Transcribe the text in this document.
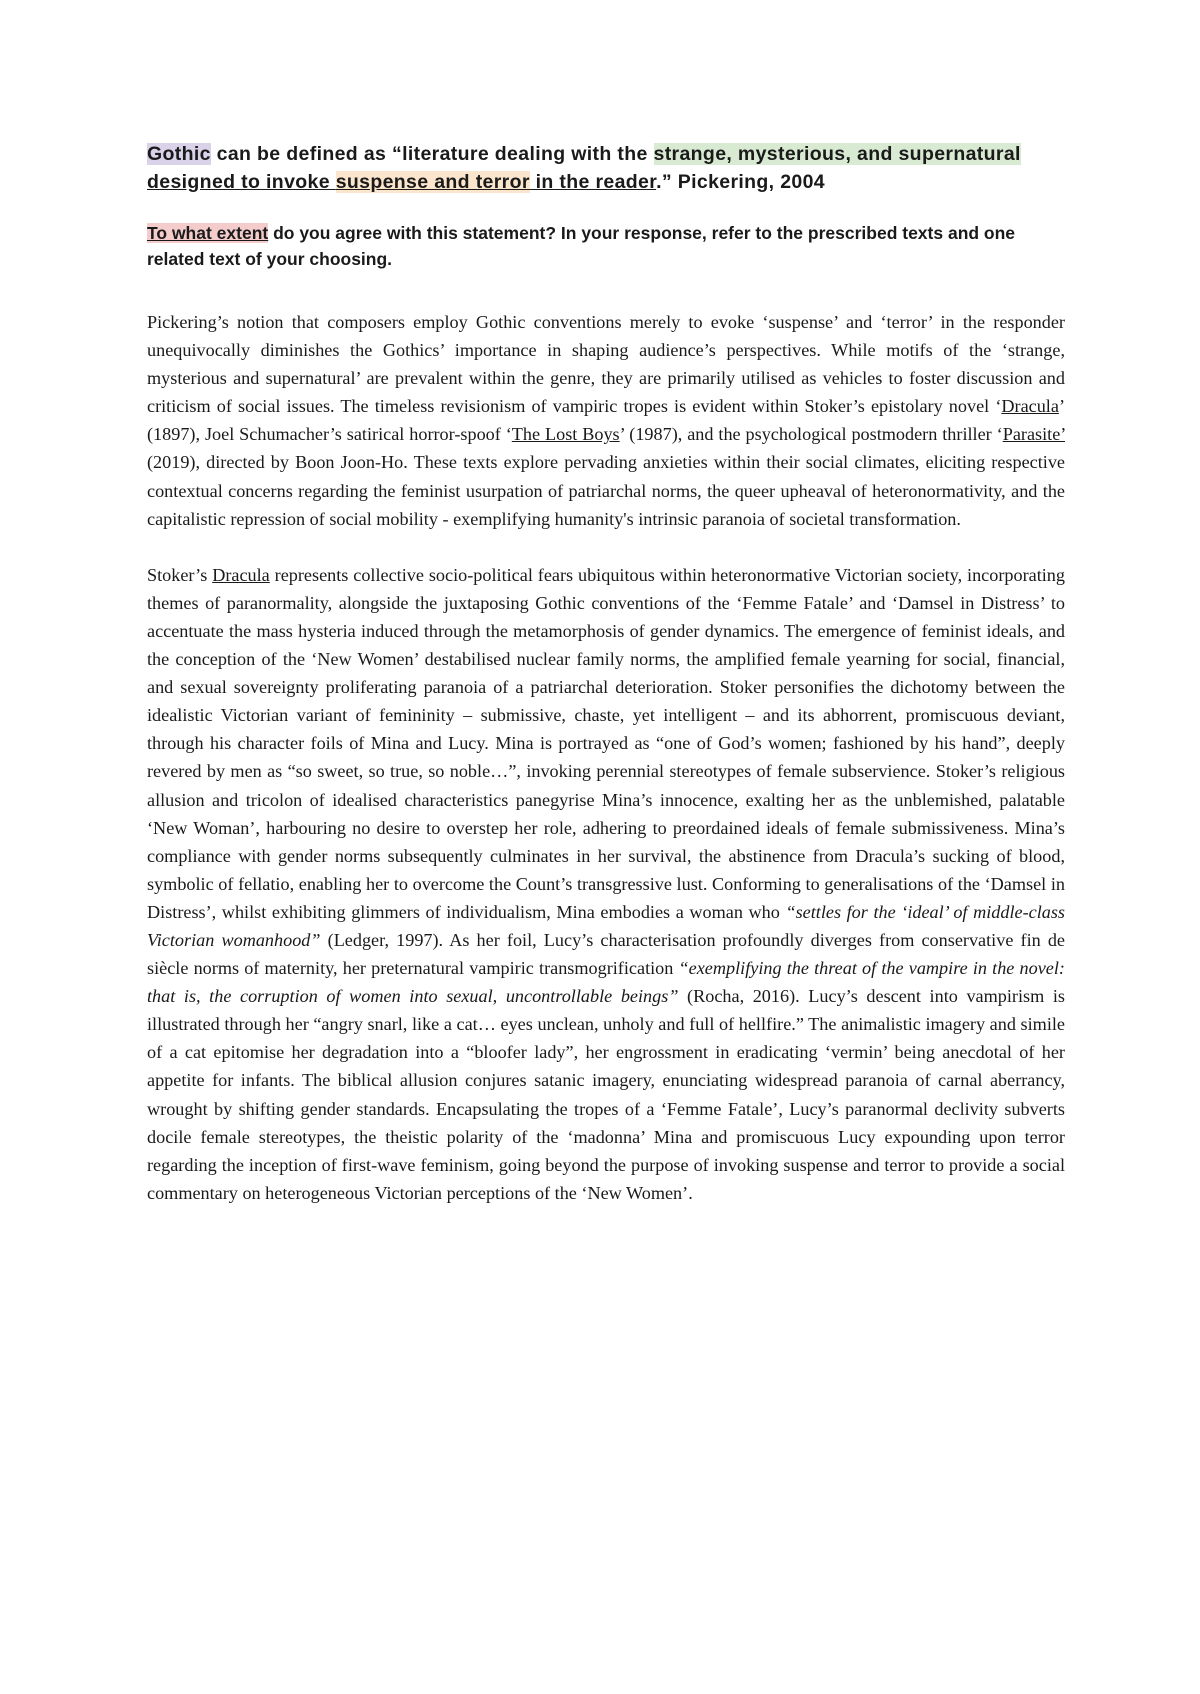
Gothic can be defined as “literature dealing with the strange, mysterious, and supernatural designed to invoke suspense and terror in the reader.” Pickering, 2004

To what extent do you agree with this statement? In your response, refer to the prescribed texts and one related text of your choosing.

Pickering’s notion that composers employ Gothic conventions merely to evoke ‘suspense’ and ‘terror’ in the responder unequivocally diminishes the Gothics’ importance in shaping audience’s perspectives. While motifs of the ‘strange, mysterious and supernatural’ are prevalent within the genre, they are primarily utilised as vehicles to foster discussion and criticism of social issues. The timeless revisionism of vampiric tropes is evident within Stoker’s epistolary novel ‘Dracula’ (1897), Joel Schumacher’s satirical horror-spoof ‘The Lost Boys’ (1987), and the psychological postmodern thriller ‘Parasite’ (2019), directed by Boon Joon-Ho. These texts explore pervading anxieties within their social climates, eliciting respective contextual concerns regarding the feminist usurpation of patriarchal norms, the queer upheaval of heteronormativity, and the capitalistic repression of social mobility - exemplifying humanity's intrinsic paranoia of societal transformation.

Stoker’s Dracula represents collective socio-political fears ubiquitous within heteronormative Victorian society, incorporating themes of paranormality, alongside the juxtaposing Gothic conventions of the ‘Femme Fatale’ and ‘Damsel in Distress’ to accentuate the mass hysteria induced through the metamorphosis of gender dynamics. The emergence of feminist ideals, and the conception of the ‘New Women’ destabilised nuclear family norms, the amplified female yearning for social, financial, and sexual sovereignty proliferating paranoia of a patriarchal deterioration. Stoker personifies the dichotomy between the idealistic Victorian variant of femininity – submissive, chaste, yet intelligent – and its abhorrent, promiscuous deviant, through his character foils of Mina and Lucy. Mina is portrayed as “one of God’s women; fashioned by his hand”, deeply revered by men as “so sweet, so true, so noble…”, invoking perennial stereotypes of female subservience. Stoker’s religious allusion and tricolon of idealised characteristics panegyrise Mina’s innocence, exalting her as the unblemished, palatable ‘New Woman’, harbouring no desire to overstep her role, adhering to preordained ideals of female submissiveness. Mina’s compliance with gender norms subsequently culminates in her survival, the abstinence from Dracula’s sucking of blood, symbolic of fellatio, enabling her to overcome the Count’s transgressive lust. Conforming to generalisations of the ‘Damsel in Distress’, whilst exhibiting glimmers of individualism, Mina embodies a woman who “settles for the ‘ideal’ of middle-class Victorian womanhood” (Ledger, 1997). As her foil, Lucy’s characterisation profoundly diverges from conservative fin de siècle norms of maternity, her preternatural vampiric transmogrification “exemplifying the threat of the vampire in the novel: that is, the corruption of women into sexual, uncontrollable beings” (Rocha, 2016). Lucy’s descent into vampirism is illustrated through her “angry snarl, like a cat… eyes unclean, unholy and full of hellfire.” The animalistic imagery and simile of a cat epitomise her degradation into a “bloofer lady”, her engrossment in eradicating ‘vermin’ being anecdotal of her appetite for infants. The biblical allusion conjures satanic imagery, enunciating widespread paranoia of carnal aberrancy, wrought by shifting gender standards. Encapsulating the tropes of a ‘Femme Fatale’, Lucy’s paranormal declivity subverts docile female stereotypes, the theistic polarity of the ‘madonna’ Mina and promiscuous Lucy expounding upon terror regarding the inception of first-wave feminism, going beyond the purpose of invoking suspense and terror to provide a social commentary on heterogeneous Victorian perceptions of the ‘New Women’.
